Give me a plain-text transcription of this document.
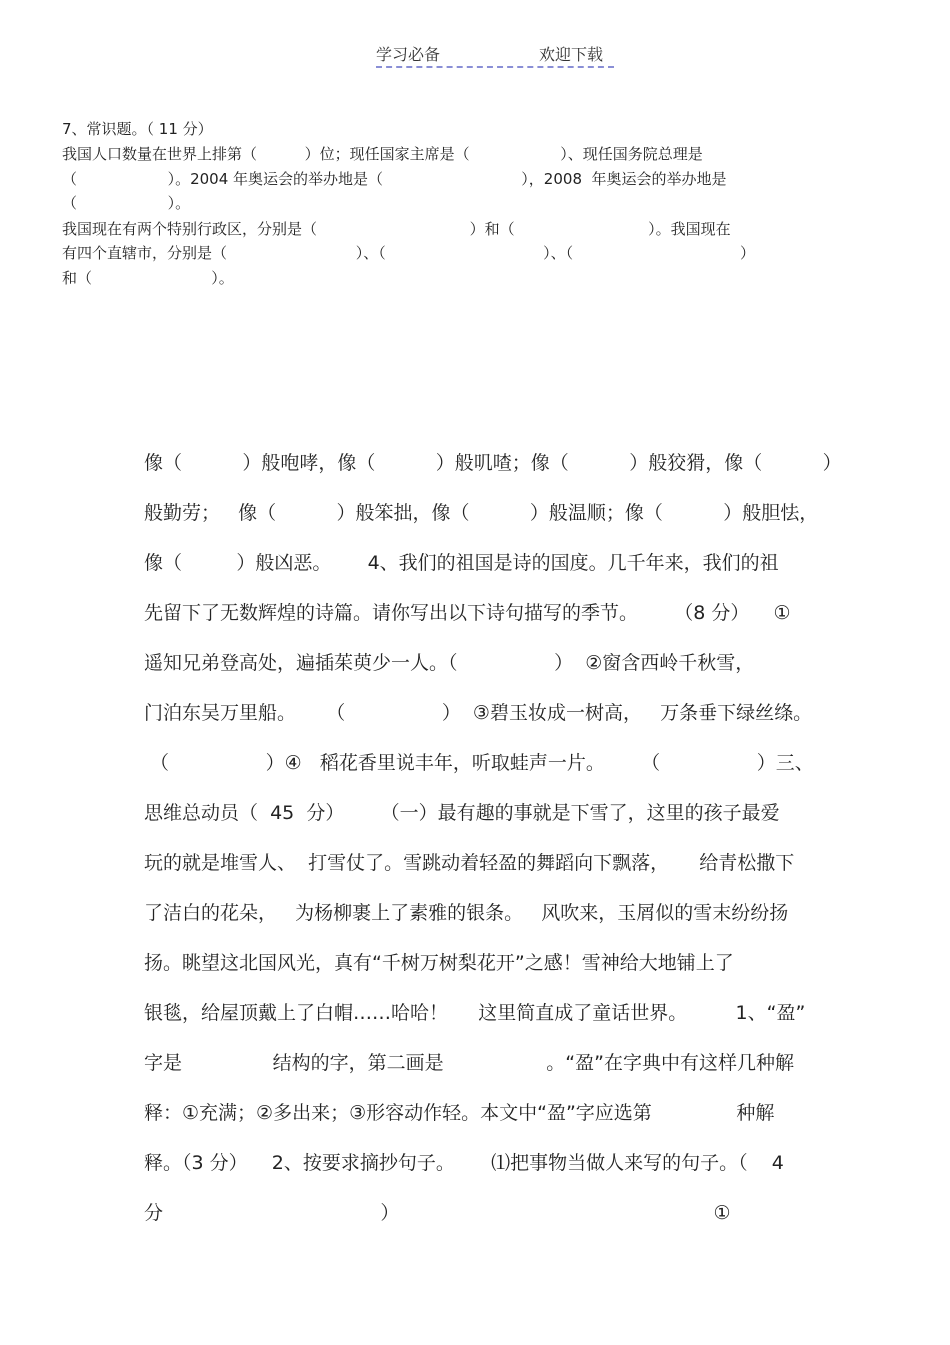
学习必备	欢迎下载
7、常识题。（ 11 分）
我国人口数量在世界上排第（          ）位；现任国家主席是（                   ）、现任国务院总理是
（                   ）。2004 年奥运会的举办地是（                             ），2008  年奥运会的举办地是
（                   ）。
我国现在有两个特别行政区，分别是（                                ）和（                            ）。我国现在
有四个直辖市，分别是（                           ）、（                                 ）、（                                   ）
和（                         ）。
像（          ）般咆哮，像（          ）般叽喳；像（          ）般狡猾，像（          ）
般勤劳；   像（          ）般笨拙，像（          ）般温顺；像（          ）般胆怯，
像（         ）般凶恶。      4、我们的祖国是诗的国度。几千年来，我们的祖
先留下了无数辉煌的诗篇。请你写出以下诗句描写的季节。      （8 分）    ①
遥知兄弟登高处，遍插茱萸少一人。（                ）  ②窗含西岭千秋雪，
门泊东吴万里船。     （                ）  ③碧玉妆成一树高，   万条垂下绿丝绦。
（                ）④   稻花香里说丰年，听取蛙声一片。      （                ）三、
思维总动员（  45  分）      （一）最有趣的事就是下雪了，这里的孩子最爱
玩的就是堆雪人、  打雪仗了。雪跳动着轻盈的舞蹈向下飘落，     给青松撒下
了洁白的花朵，   为杨柳裹上了素雅的银条。   风吹来，玉屑似的雪末纷纷扬
扬。眺望这北国风光，真有“千树万树梨花开”之感！雪神给大地铺上了
银毯，给屋顶戴上了白帽……哈哈！     这里简直成了童话世界。        1、“盈”
字是               结构的字，第二画是                 。“盈”在字典中有这样几种解
释：①充满；②多出来；③形容动作轻。本文中“盈”字应选第              种解
释。（3 分）    2、按要求摘抄句子。      ⑴把事物当做人来写的句子。（    4
分                                    ）                                                    ①
